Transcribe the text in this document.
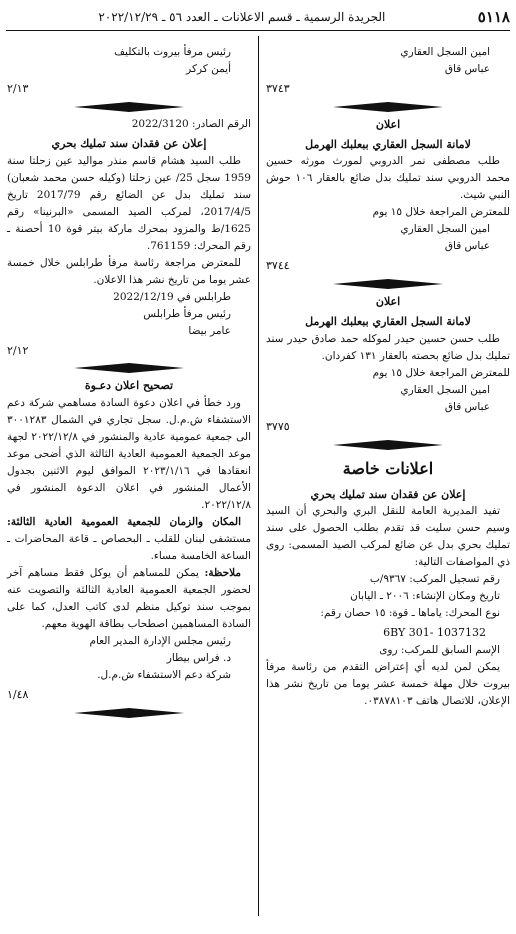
٥١١٨
الجريدة الرسمية ـ قسم الاعلانات ـ العدد ٥٦ ـ ٢٠٢٢/١٢/٢٩
امين السجل العقاري
عباس قاق
٣٧٤٣
اعلان
لامانة السجل العقاري ببعلبك الهرمل
طلب مصطفى نمر الدروبي لمورث مورثه حسين محمد الدروبي سند تمليك بدل ضائع بالعقار ١٠٦ حوش النبي شيث.
للمعترض المراجعة خلال ١٥ يوم
امين السجل العقاري
عباس قاق
٣٧٤٤
اعلان
لامانة السجل العقاري ببعلبك الهرمل
طلب حسن حسين حيدر لموكله حمد صادق حيدر سند تمليك بدل ضائع بحصته بالعقار ١٣١ كفردان.
للمعترض المراجعة خلال ١٥ يوم
امين السجل العقاري
عباس قاق
٣٧٧٥
اعلانات خاصة
إعلان عن فقدان سند تمليك بحري
تفيد المديرية العامة للنقل البري والبحري أن السيد وسيم حسن سليت قد تقدم بطلب الحصول على سند تمليك بحري بدل عن ضائع لمركب الصيد المسمى: روى ذي المواصفات التالية:
رقم تسجيل المركب: ٩٣٦٧/ب
تاريخ ومكان الإنشاء: ٢٠٠٦ ـ اليابان
نوع المحرك: ياماها ـ قوة: ١٥ حصان رقم:
6BY 301- 1037132
الإسم السابق للمركب: روى
يمكن لمن لديه أي إعتراض التقدم من رئاسة مرفأ بيروت خلال مهلة خمسة عشر يوما من تاريخ نشر هذا الإعلان، للاتصال هاتف ٠٣٨٧٨١٠٣.
رئيس مرفأ بيروت بالتكليف
أيمن كركر
٢/١٣
الرقم الصادر: 2022/3120
إعلان عن فقدان سند تمليك بحري
طلب السيد هشام قاسم منذر مواليد عين زحلتا سنة 1959 سجل 25/ عين زحلتا (وكيله حسن محمد شعبان) سند تمليك بدل عن الضائع رقم 2017/79 تاريخ 2017/4/5، لمركب الصيد المسمى «البرنينا» رقم 1625/ط والمزود بمحرك ماركة بيتر قوة 10 أحصنة ـ رقم المحرك: 761159.
للمعترض مراجعة رئاسة مرفأ طرابلس خلال خمسة عشر يوما من تاريخ نشر هذا الاعلان.
طرابلس في 2022/12/19
رئيس مرفأ طرابلس
عامر بيضا
٢/١٢
تصحيح اعلان دعـوة
ورد خطأ في اعلان دعوة السادة مساهمي شركة دعم الاستشفاء ش.م.ل. سجل تجاري في الشمال ٣٠٠١٢٨٣ الى جمعية عمومية عادية والمنشور في ٢٠٢٢/١٢/٨ لجهة موعد الجمعية العمومية العادية الثالثة الذي أضحى موعد انعقادها في ٢٠٢٣/١/١٦ الموافق ليوم الاثنين بجدول الأعمال المنشور في اعلان الدعوة المنشور في ٢٠٢٢/١٢/٨.
المكان والزمان للجمعية العمومية العادية الثالثة: مستشفى لبنان للقلب ـ البحصاص ـ قاعة المحاضرات ـ الساعة الخامسة مساء.
ملاحظة: يمكن للمساهم أن يوكل فقط مساهم آخر لحضور الجمعية العمومية العادية الثالثة والتصويت عنه بموجب سند توكيل منظم لدى كاتب العدل، كما على السادة المساهمين اصطحاب بطاقة الهوية معهم.
رئيس مجلس الإدارة المدير العام
د. فراس بيطار
شركة دعم الاستشفاء ش.م.ل.
١/٤٨
